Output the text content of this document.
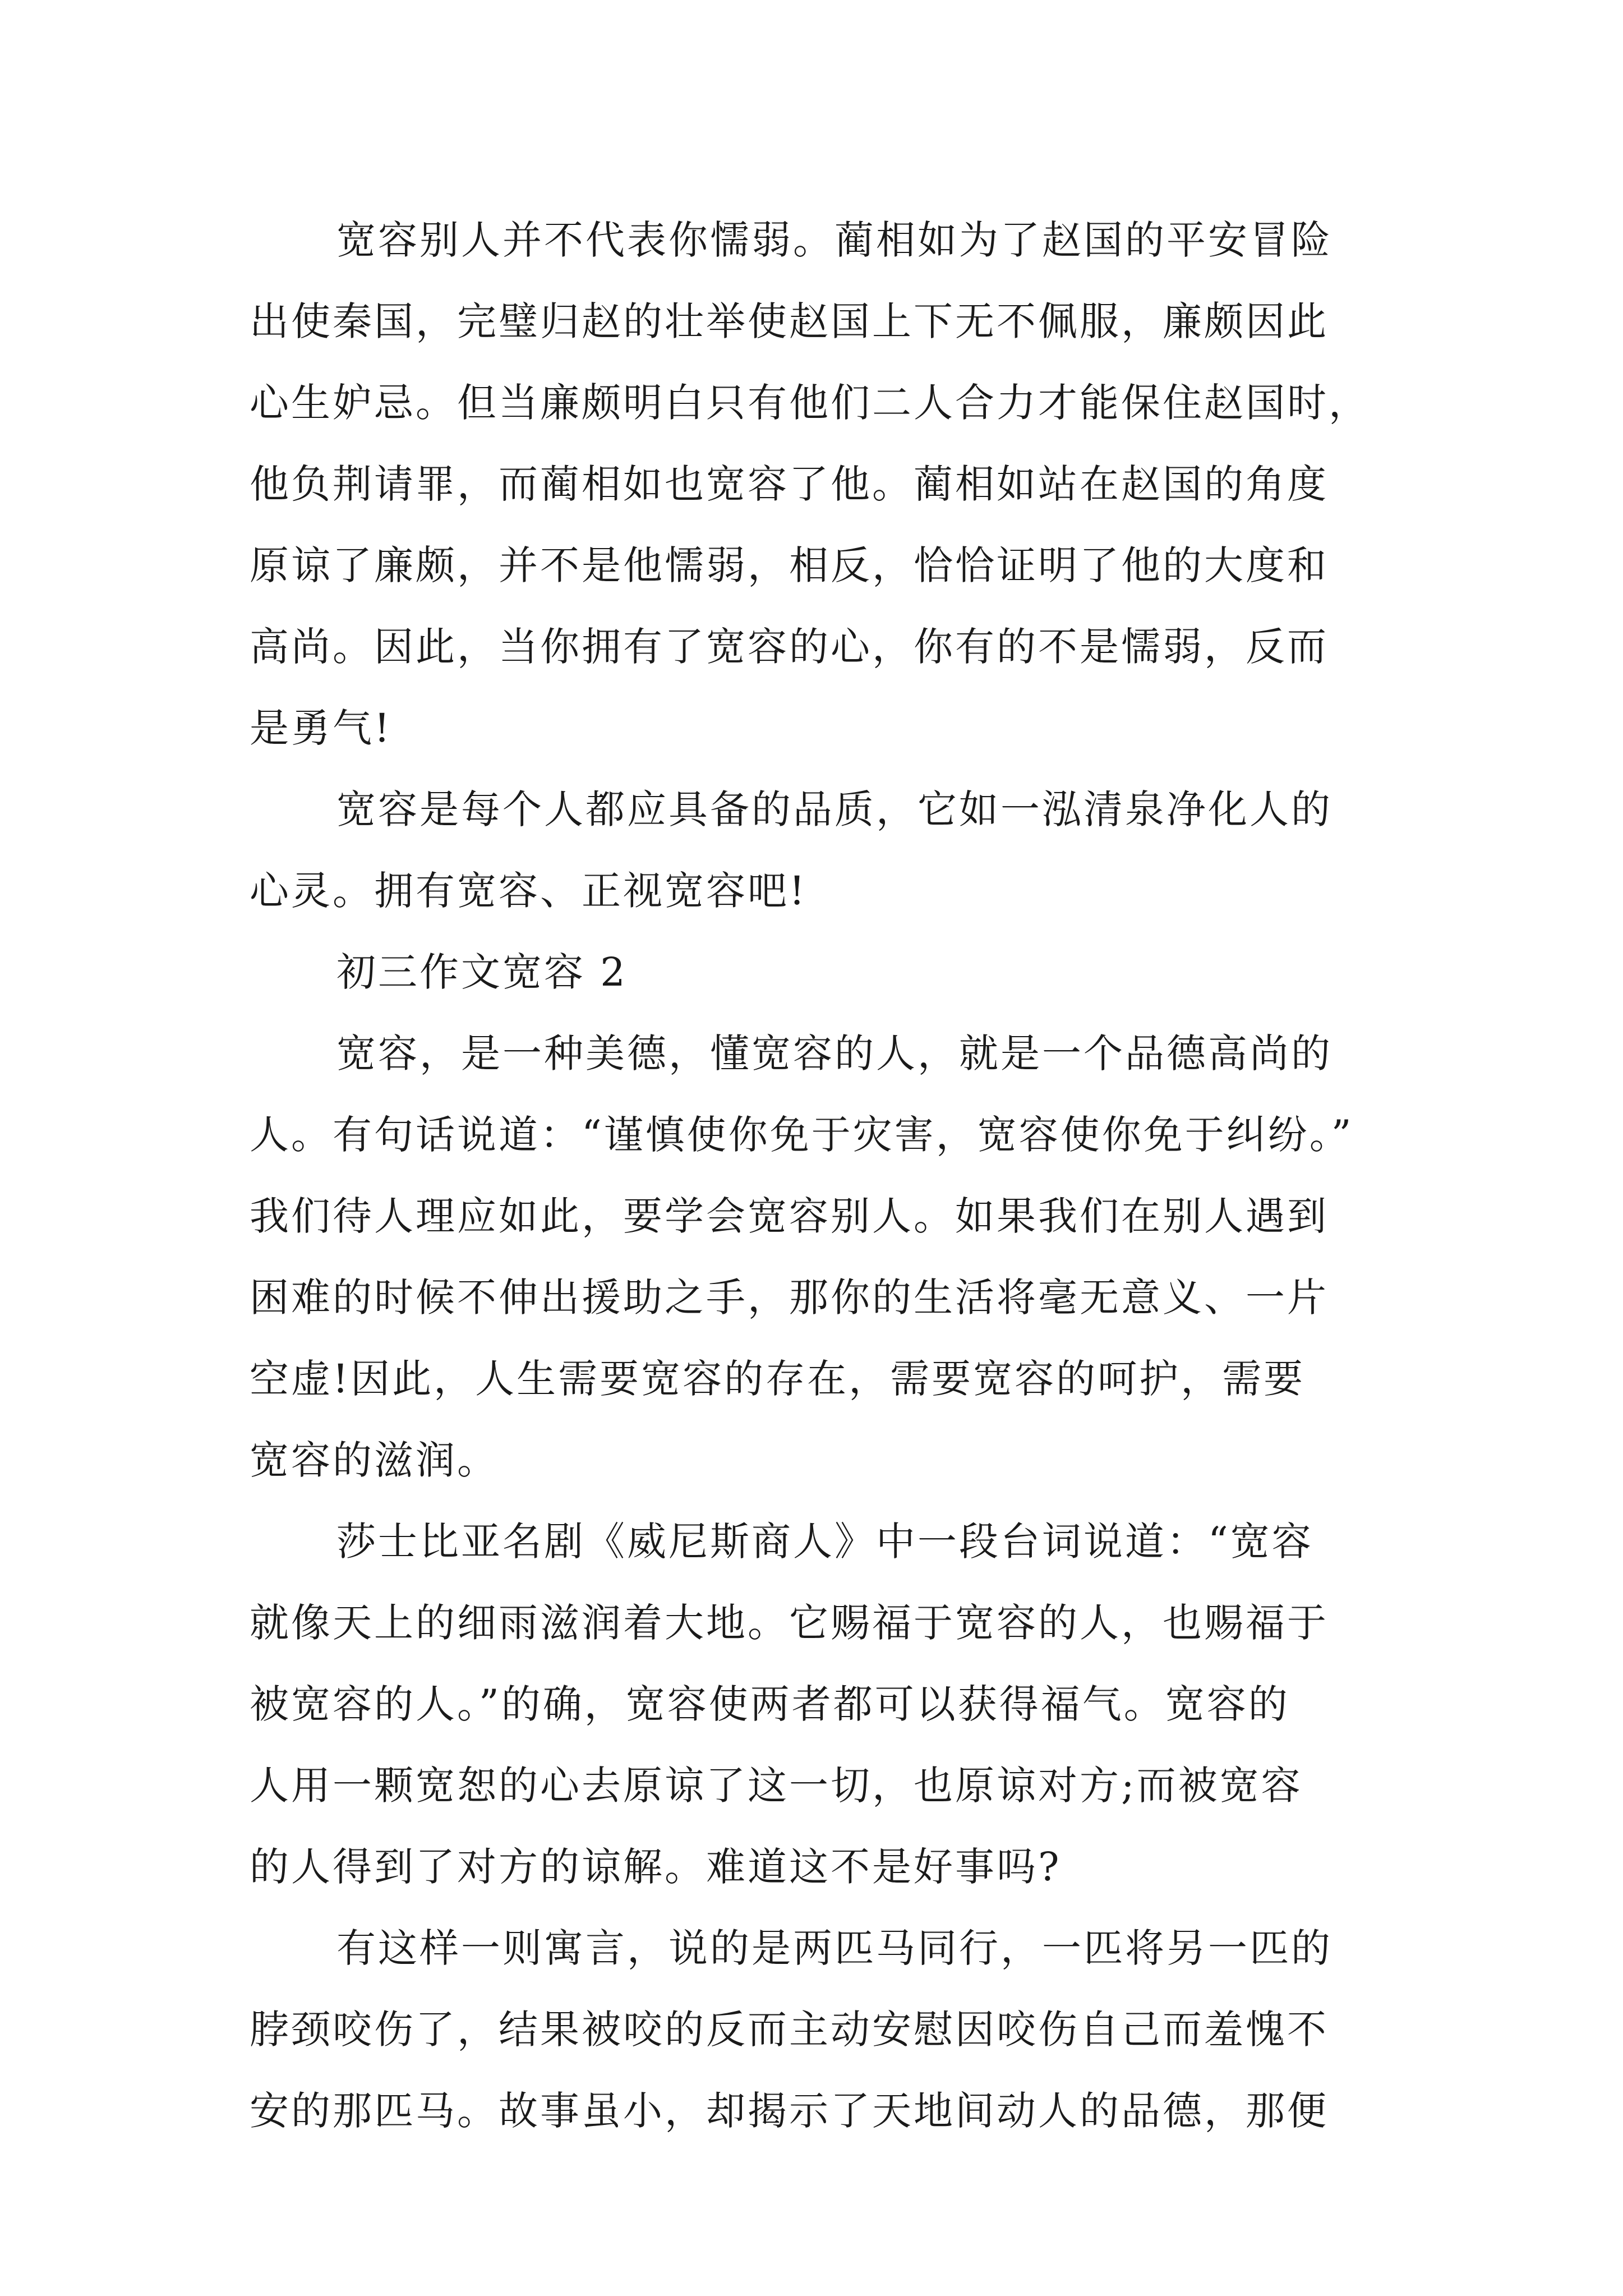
宽容别人并不代表你懦弱。蔺相如为了赵国的平安冒险
出使秦国，完璧归赵的壮举使赵国上下无不佩服，廉颇因此
心生妒忌。但当廉颇明白只有他们二人合力才能保住赵国时，
他负荆请罪，而蔺相如也宽容了他。蔺相如站在赵国的角度
原谅了廉颇，并不是他懦弱，相反，恰恰证明了他的大度和
高尚。因此，当你拥有了宽容的心，你有的不是懦弱，反而
是勇气!
宽容是每个人都应具备的品质，它如一泓清泉净化人的
心灵。拥有宽容、正视宽容吧!
初三作文宽容 2
宽容，是一种美德，懂宽容的人，就是一个品德高尚的
人。有句话说道：“谨慎使你免于灾害，宽容使你免于纠纷。”
我们待人理应如此，要学会宽容别人。如果我们在别人遇到
困难的时候不伸出援助之手，那你的生活将毫无意义、一片
空虚!因此，人生需要宽容的存在，需要宽容的呵护，需要
宽容的滋润。
莎士比亚名剧《威尼斯商人》中一段台词说道：“宽容
就像天上的细雨滋润着大地。它赐福于宽容的人，也赐福于
被宽容的人。”的确，宽容使两者都可以获得福气。宽容的
人用一颗宽恕的心去原谅了这一切，也原谅对方;而被宽容
的人得到了对方的谅解。难道这不是好事吗?
有这样一则寓言，说的是两匹马同行，一匹将另一匹的
脖颈咬伤了，结果被咬的反而主动安慰因咬伤自己而羞愧不
安的那匹马。故事虽小，却揭示了天地间动人的品德，那便
